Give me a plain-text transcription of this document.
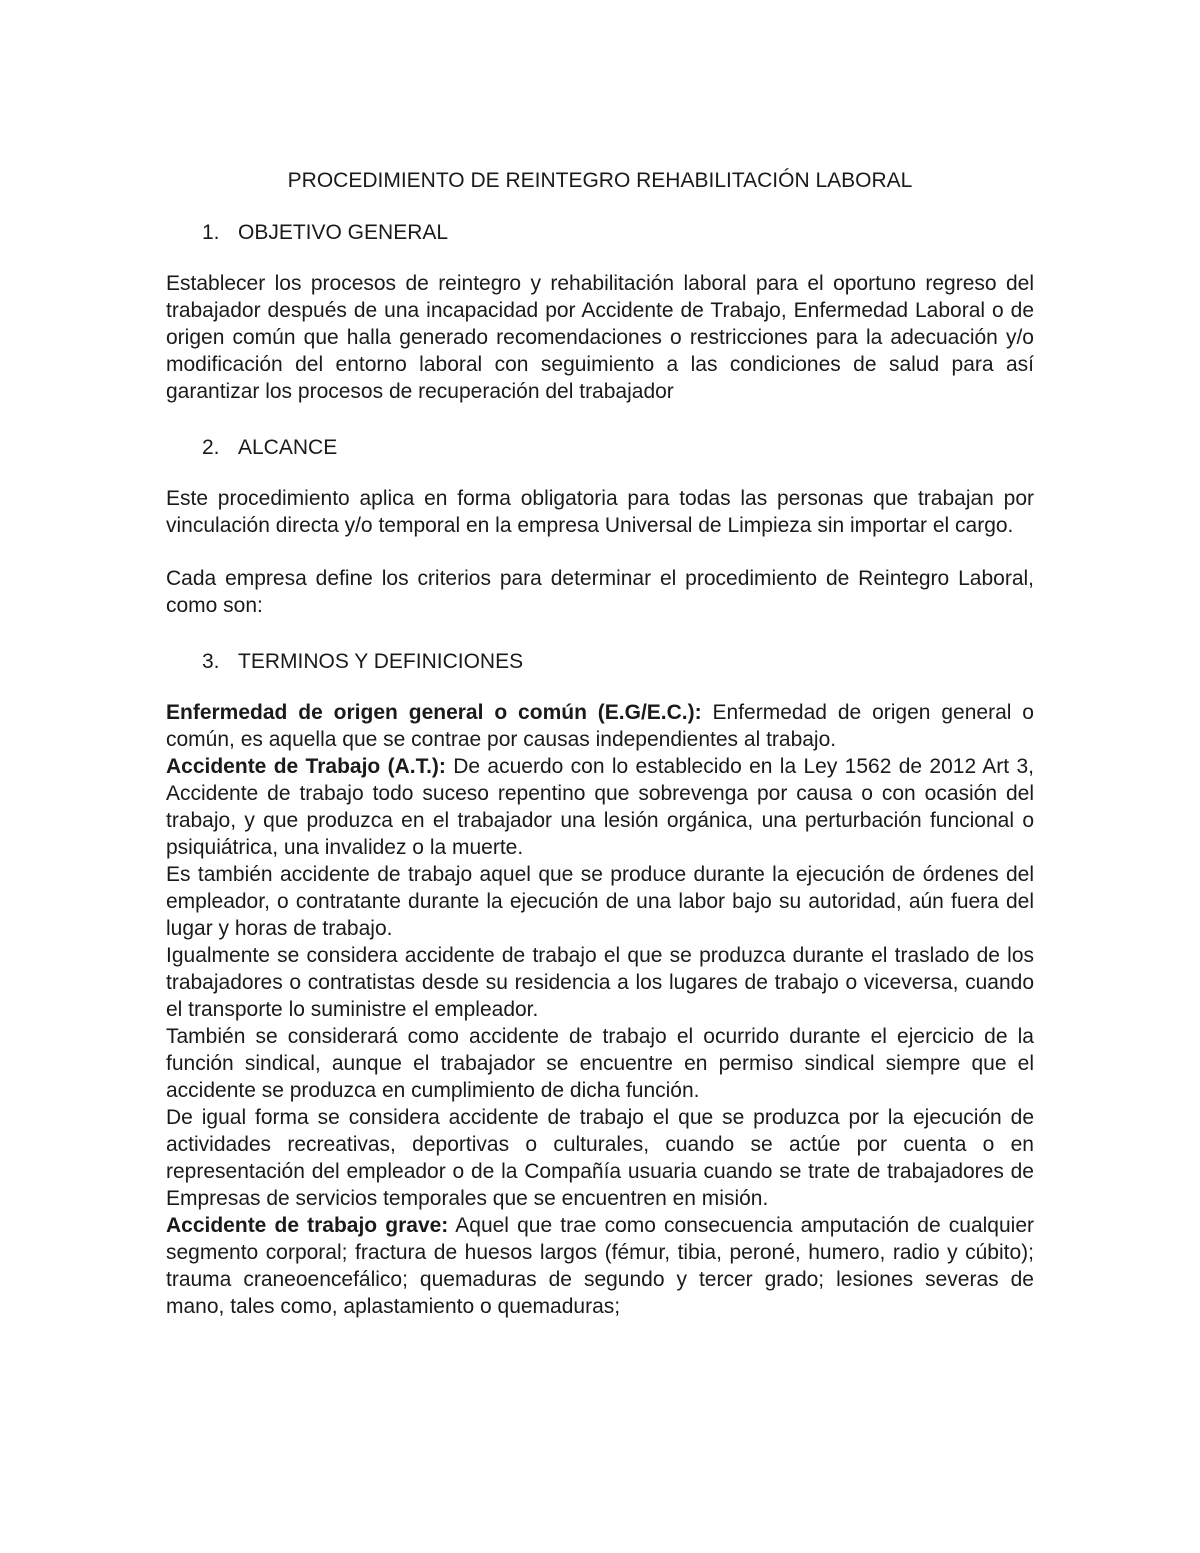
PROCEDIMIENTO DE REINTEGRO REHABILITACIÓN LABORAL
1. OBJETIVO GENERAL

Establecer los procesos de reintegro y rehabilitación laboral para el oportuno regreso del trabajador después de una incapacidad por Accidente de Trabajo, Enfermedad Laboral o de origen común que halla generado recomendaciones o restricciones para la adecuación y/o modificación del entorno laboral con seguimiento a las condiciones de salud para así garantizar los procesos de recuperación del trabajador

2. ALCANCE

Este procedimiento aplica en forma obligatoria para todas las personas que trabajan por vinculación directa y/o temporal en la empresa Universal de Limpieza sin importar el cargo.

Cada empresa define los criterios para determinar el procedimiento de Reintegro Laboral, como son:

3. TERMINOS Y DEFINICIONES

Enfermedad de origen general o común (E.G/E.C.): Enfermedad de origen general o común, es aquella que se contrae por causas independientes al trabajo.

Accidente de Trabajo (A.T.): De acuerdo con lo establecido en la Ley 1562 de 2012 Art 3, Accidente de trabajo todo suceso repentino que sobrevenga por causa o con ocasión del trabajo, y que produzca en el trabajador una lesión orgánica, una perturbación funcional o psiquiátrica, una invalidez o la muerte.

Es también accidente de trabajo aquel que se produce durante la ejecución de órdenes del empleador, o contratante durante la ejecución de una labor bajo su autoridad, aún fuera del lugar y horas de trabajo.

Igualmente se considera accidente de trabajo el que se produzca durante el traslado de los trabajadores o contratistas desde su residencia a los lugares de trabajo o viceversa, cuando el transporte lo suministre el empleador.

También se considerará como accidente de trabajo el ocurrido durante el ejercicio de la función sindical, aunque el trabajador se encuentre en permiso sindical siempre que el accidente se produzca en cumplimiento de dicha función.

De igual forma se considera accidente de trabajo el que se produzca por la ejecución de actividades recreativas, deportivas o culturales, cuando se actúe por cuenta o en representación del empleador o de la Compañía usuaria cuando se trate de trabajadores de Empresas de servicios temporales que se encuentren en misión.

Accidente de trabajo grave: Aquel que trae como consecuencia amputación de cualquier segmento corporal; fractura de huesos largos (fémur, tibia, peroné, humero, radio y cúbito); trauma craneoencefálico; quemaduras de segundo y tercer grado; lesiones severas de mano, tales como, aplastamiento o quemaduras;
